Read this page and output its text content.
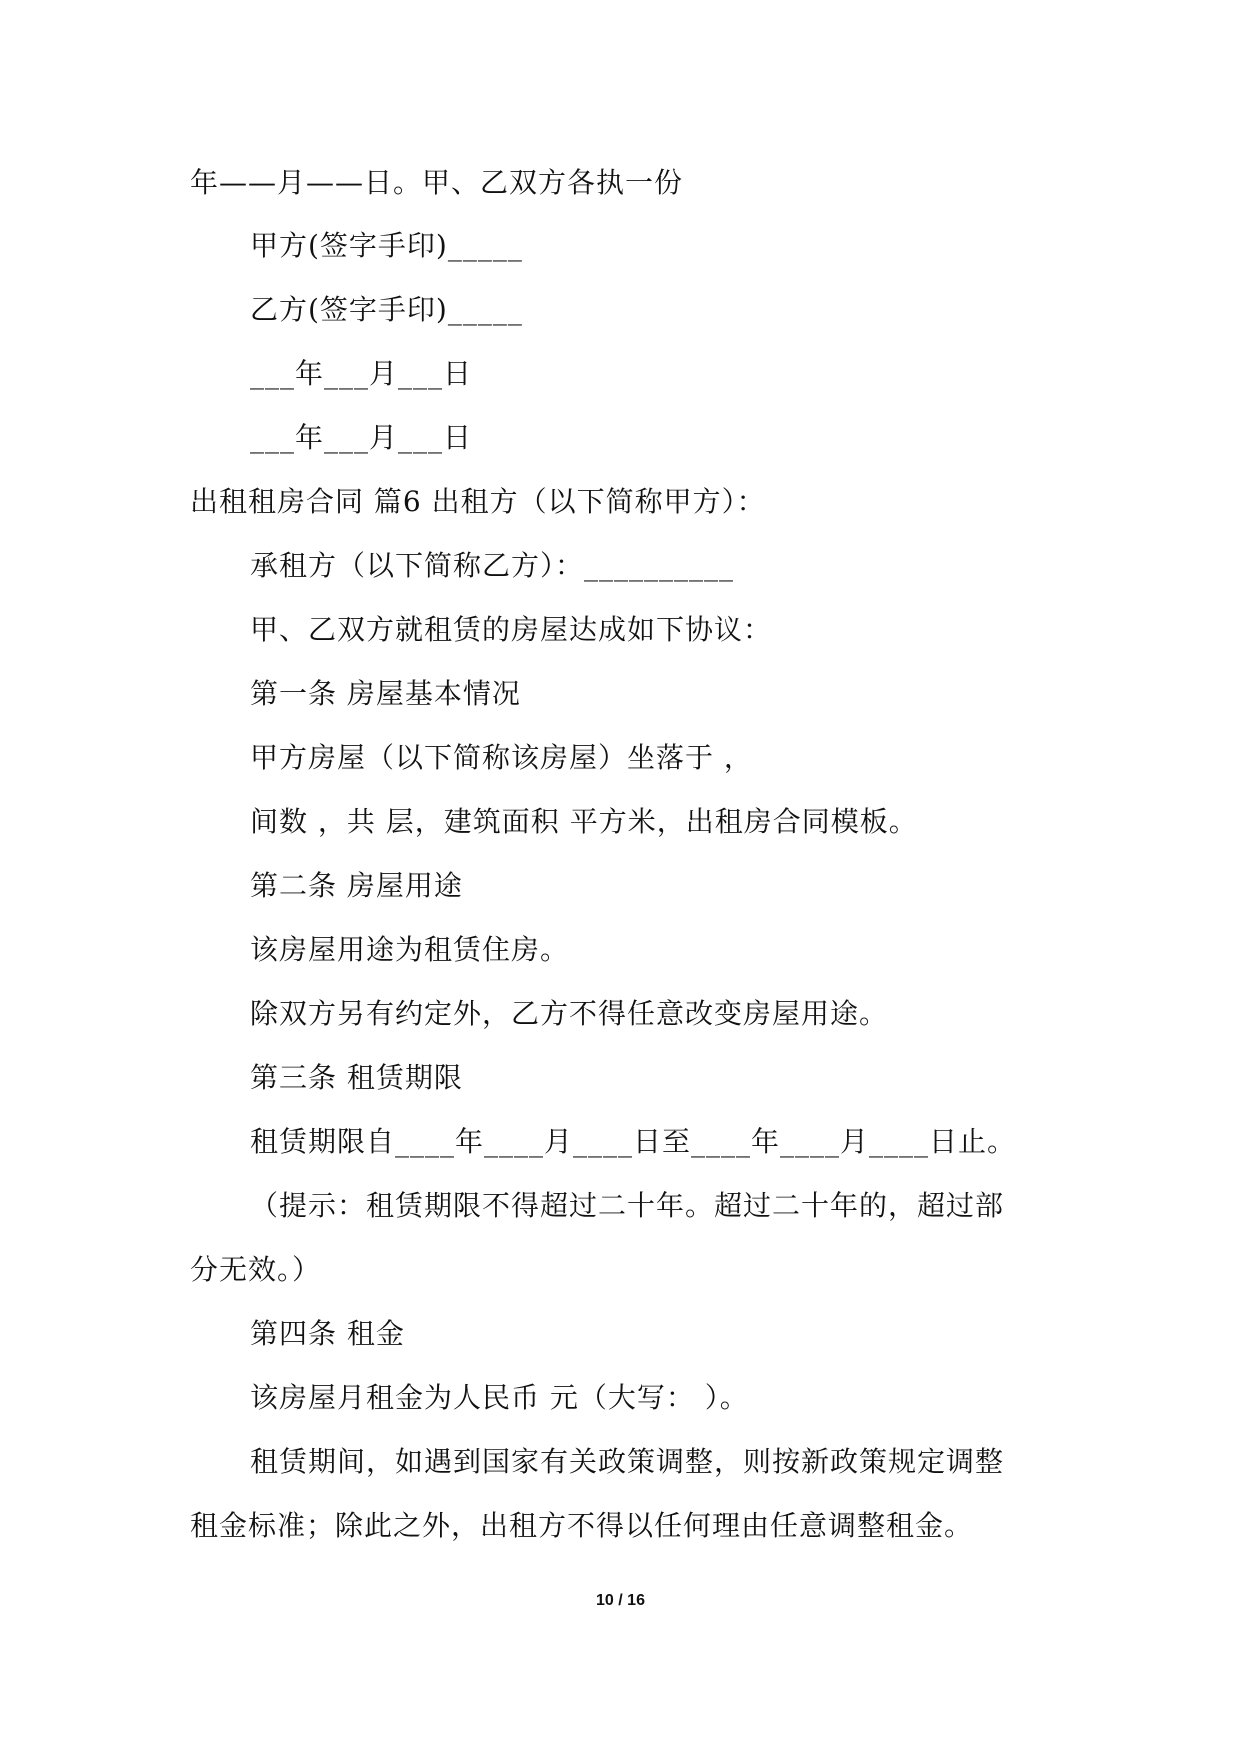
年——月——日。甲、乙双方各执一份
甲方(签字手印)_____
乙方(签字手印)_____
___年___月___日
___年___月___日
出租租房合同 篇6 出租方（以下简称甲方）：
承租方（以下简称乙方）：__________
甲、乙双方就租赁的房屋达成如下协议：
第一条 房屋基本情况
甲方房屋（以下简称该房屋）坐落于 ，
间数 ，共 层，建筑面积 平方米，出租房合同模板。
第二条 房屋用途
该房屋用途为租赁住房。
除双方另有约定外，乙方不得任意改变房屋用途。
第三条 租赁期限
租赁期限自____年____月____日至____年____月____日止。
（提示：租赁期限不得超过二十年。超过二十年的，超过部
分无效。）
第四条 租金
该房屋月租金为人民币 元（大写： ）。
租赁期间，如遇到国家有关政策调整，则按新政策规定调整
租金标准；除此之外，出租方不得以任何理由任意调整租金。
10 / 16
